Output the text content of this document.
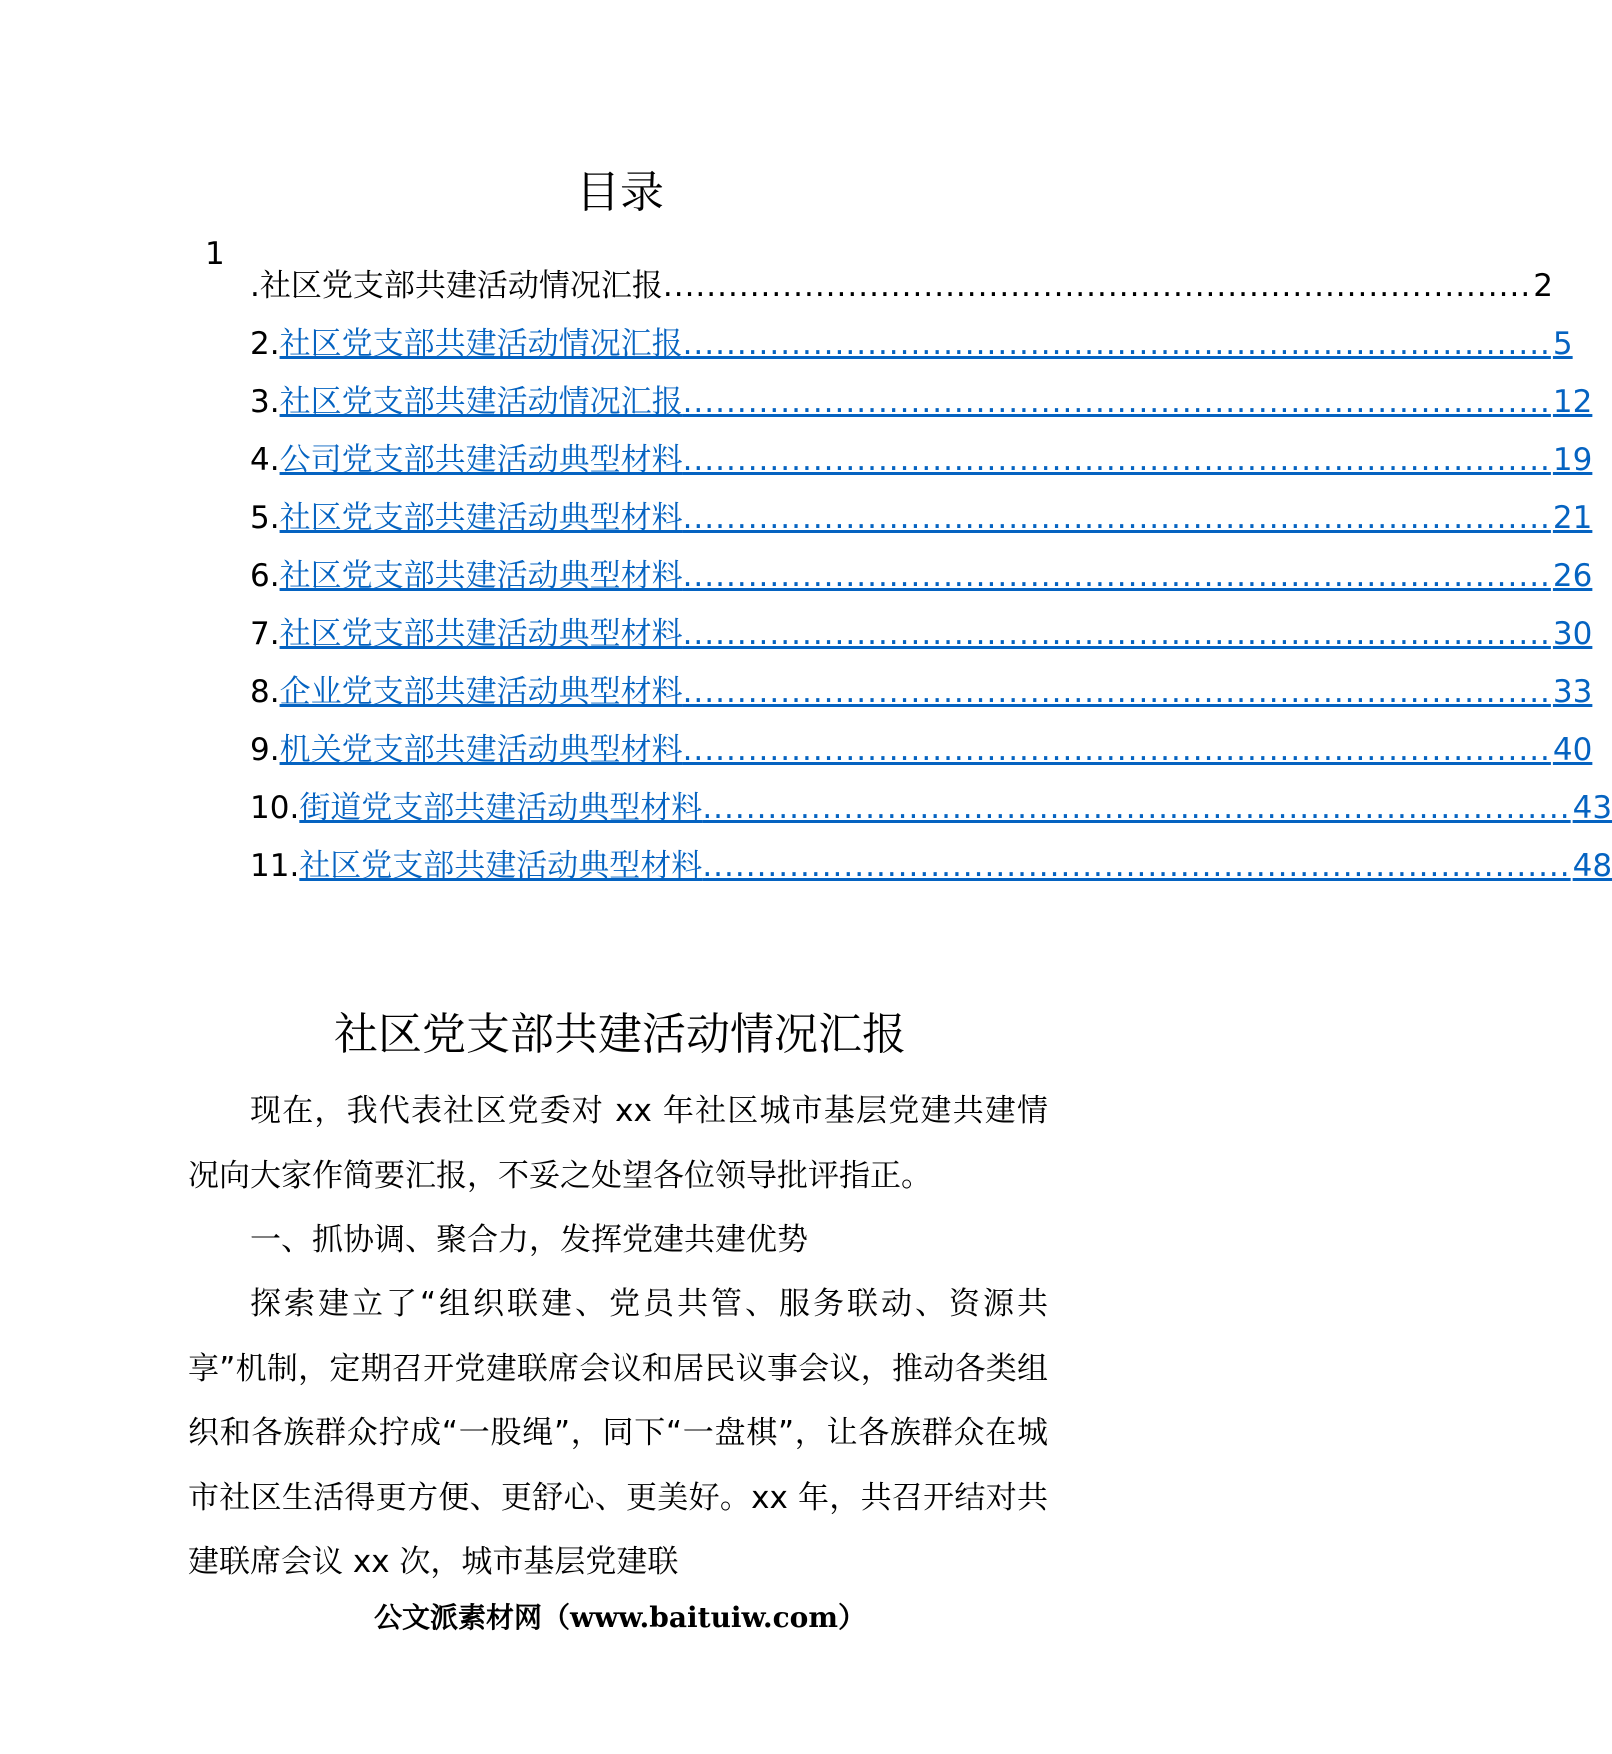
目录
1
.社区党支部共建活动情况汇报 ................................................................................ 2
2. 社区党支部共建活动情况汇报 ................................................................................ 5
3. 社区党支部共建活动情况汇报 ................................................................................ 12
4. 公司党支部共建活动典型材料 ................................................................................ 19
5. 社区党支部共建活动典型材料 ................................................................................ 21
6. 社区党支部共建活动典型材料 ................................................................................ 26
7. 社区党支部共建活动典型材料 ................................................................................ 30
8. 企业党支部共建活动典型材料 ................................................................................ 33
9. 机关党支部共建活动典型材料 ................................................................................ 40
10. 街道党支部共建活动典型材料 ................................................................................ 43
11. 社区党支部共建活动典型材料 ................................................................................ 48
社区党支部共建活动情况汇报
现在，我代表社区党委对 xx 年社区城市基层党建共建情况向大家作简要汇报，不妥之处望各位领导批评指正。
一、抓协调、聚合力，发挥党建共建优势
探索建立了“组织联建、党员共管、服务联动、资源共享”机制，定期召开党建联席会议和居民议事会议，推动各类组织和各族群众拧成“一股绳”，同下“一盘棋”，让各族群众在城市社区生活得更方便、更舒心、更美好。xx 年，共召开结对共建联席会议 xx 次，城市基层党建联
公文派素材网（www.baituiw.com）
